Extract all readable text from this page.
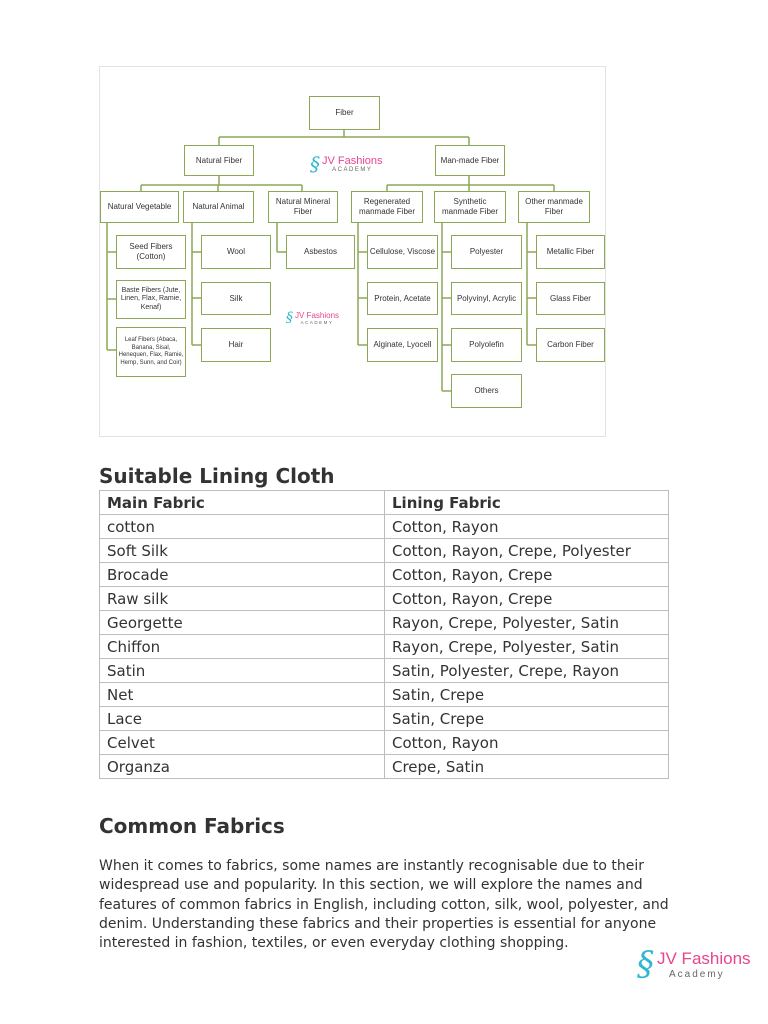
Fiber
Natural Fiber	Man-made Fiber
Natural Vegetable	Natural Animal
Natural Mineral Fiber
Regenerated manmade Fiber
Synthetic manmade Fiber
Other manmade Fiber
Seed Fibers (Cotton)
Baste Fibers (Jute, Linen, Flax, Ramie, Kenaf)
Leaf Fibers (Abaca, Banana, Sisal, Henequen, Flax, Ramie, Hemp, Sunn, and Coir)
Wool
Silk
Hair
Asbestos	Cellulose, Viscose
Protein, Acetate
Alginate, Lyocell
Polyester
Polyvinyl, Acrylic
Polyolefin
Others
Metallic Fiber
Glass Fiber
Carbon Fiber
§ JV Fashions
ACADEMY
§ JV Fashions
ACADEMY
Suitable Lining Cloth
Main Fabric	Lining Fabric
cotton	Cotton, Rayon
Soft Silk	Cotton, Rayon, Crepe, Polyester
Brocade	Cotton, Rayon, Crepe
Raw silk	Cotton, Rayon, Crepe
Georgette	Rayon, Crepe, Polyester, Satin
Chiffon	Rayon, Crepe, Polyester, Satin
Satin	Satin, Polyester, Crepe, Rayon
Net	Satin, Crepe
Lace	Satin, Crepe
Celvet	Cotton, Rayon
Organza	Crepe, Satin
Common Fabrics

When it comes to fabrics, some names are instantly recognisable due to their widespread use and popularity. In this section, we will explore the names and features of common fabrics in English, including cotton, silk, wool, polyester, and denim. Understanding these fabrics and their properties is essential for anyone interested in fashion, textiles, or even everyday clothing shopping.

§ JV Fashions
Academy
